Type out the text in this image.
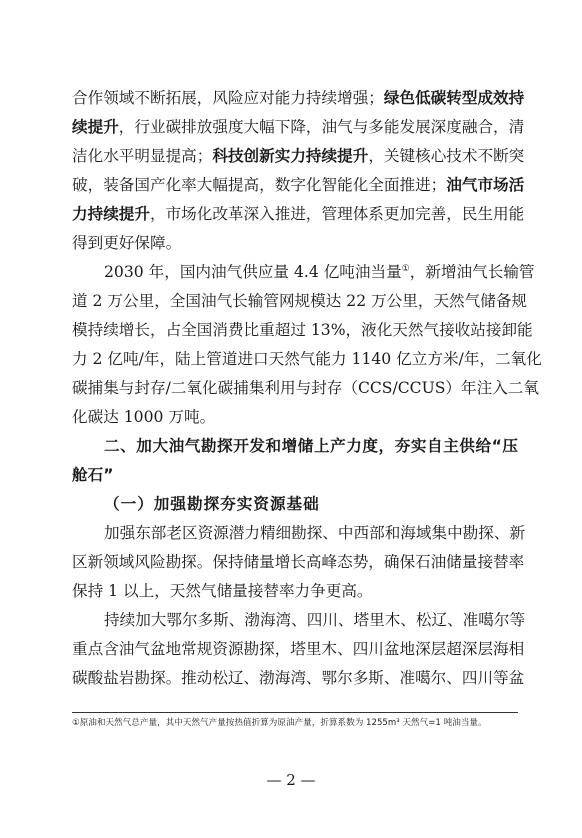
合作领域不断拓展，风险应对能力持续增强；绿色低碳转型成效持
续提升，行业碳排放强度大幅下降，油气与多能发展深度融合，清
洁化水平明显提高；科技创新实力持续提升，关键核心技术不断突
破，装备国产化率大幅提高，数字化智能化全面推进；油气市场活
力持续提升，市场化改革深入推进，管理体系更加完善，民生用能
得到更好保障。
2030 年，国内油气供应量 4.4 亿吨油当量①，新增油气长输管
道 2 万公里，全国油气长输管网规模达 22 万公里，天然气储备规
模持续增长，占全国消费比重超过 13%，液化天然气接收站接卸能
力 2 亿吨/年，陆上管道进口天然气能力 1140 亿立方米/年，二氧化
碳捕集与封存/二氧化碳捕集利用与封存（CCS/CCUS）年注入二氧
化碳达 1000 万吨。
二、加大油气勘探开发和增储上产力度，夯实自主供给“压
舱石”
（一）加强勘探夯实资源基础
加强东部老区资源潜力精细勘探、中西部和海域集中勘探、新
区新领域风险勘探。保持储量增长高峰态势，确保石油储量接替率
①原油和天然气总产量，其中天然气产量按热值折算为原油产量，折算系数为 1255m³ 天然气=1 吨油当量。
— 2 —
保持 1 以上，天然气储量接替率力争更高。
持续加大鄂尔多斯、渤海湾、四川、塔里木、松辽、准噶尔等
重点含油气盆地常规资源勘探，塔里木、四川盆地深层超深层海相
碳酸盐岩勘探。推动松辽、渤海湾、鄂尔多斯、准噶尔、四川等盆
